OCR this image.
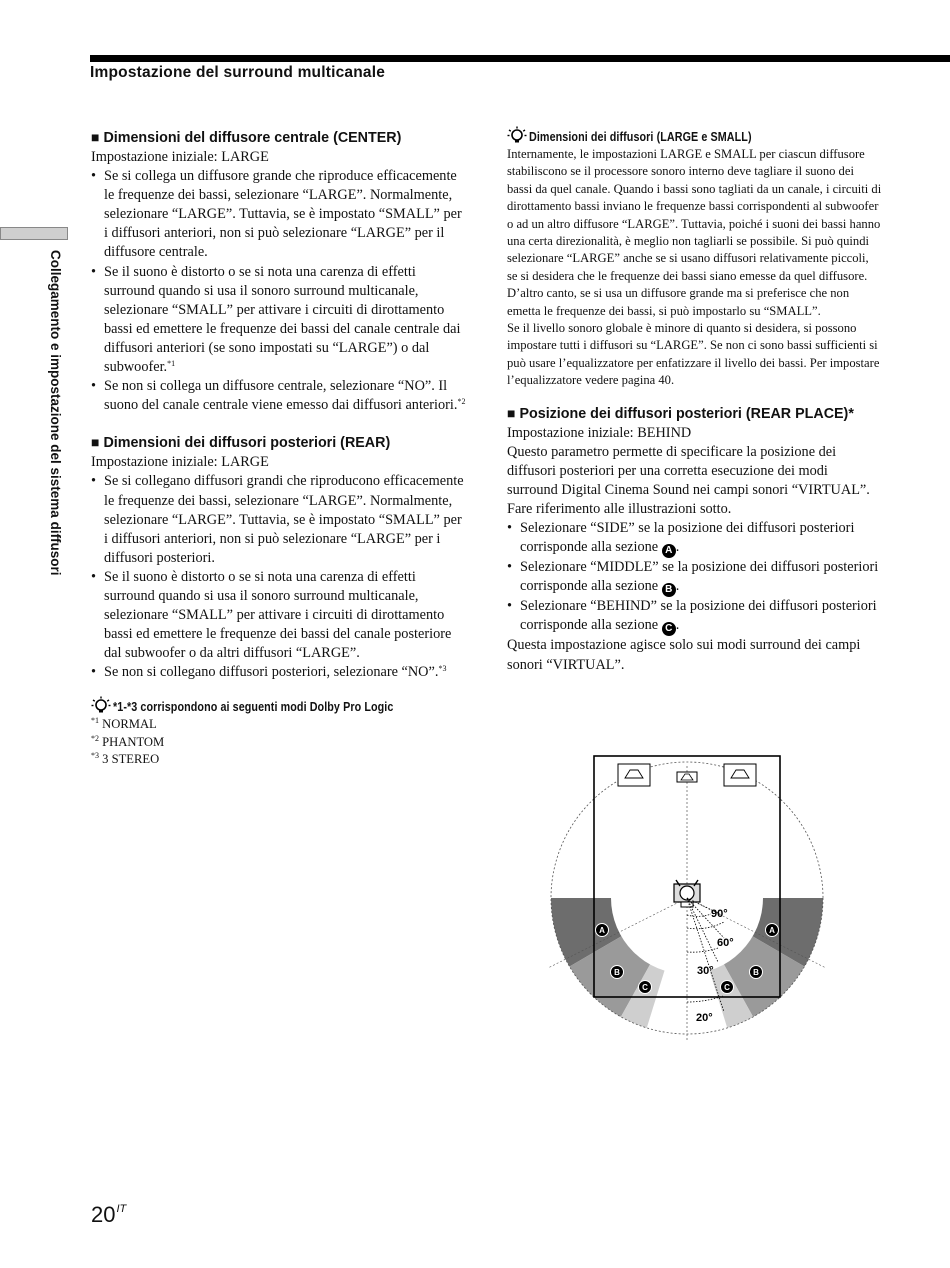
Impostazione del surround multicanale
Collegamento e impostazione del sistema diffusori
■ Dimensioni del diffusore centrale (CENTER)

Impostazione iniziale: LARGE

• Se si collega un diffusore grande che riproduce efficacemente le frequenze dei bassi, selezionare “LARGE”. Normalmente, selezionare “LARGE”. Tuttavia, se è impostato “SMALL” per i diffusori anteriori, non si può selezionare “LARGE” per il diffusore centrale.
• Se il suono è distorto o se si nota una carenza di effetti surround quando si usa il sonoro surround multicanale, selezionare “SMALL” per attivare i circuiti di dirottamento bassi ed emettere le frequenze dei bassi del canale centrale dai diffusori anteriori (se sono impostati su “LARGE”) o dal subwoofer.$^{*1}$
• Se non si collega un diffusore centrale, selezionare “NO”. Il suono del canale centrale viene emesso dai diffusori anteriori.$^{*2}$
■ Dimensioni dei diffusori posteriori (REAR)

Impostazione iniziale: LARGE

• Se si collegano diffusori grandi che riproducono efficacemente le frequenze dei bassi, selezionare “LARGE”. Normalmente, selezionare “LARGE”. Tuttavia, se è impostato “SMALL” per i diffusori anteriori, non si può selezionare “LARGE” per i diffusori posteriori.
• Se il suono è distorto o se si nota una carenza di effetti surround quando si usa il sonoro surround multicanale, selezionare “SMALL” per attivare i circuiti di dirottamento bassi ed emettere le frequenze dei bassi del canale posteriore dal subwoofer o da altri diffusori “LARGE”.
• Se non si collegano diffusori posteriori, selezionare “NO”.$^{*3}$
*1-*3 corrispondono ai seguenti modi Dolby Pro Logic
$^{*1}$ NORMAL
$^{*2}$ PHANTOM
$^{*3}$ 3 STEREO
Dimensioni dei diffusori (LARGE e SMALL)

Internamente, le impostazioni LARGE e SMALL per ciascun diffusore stabiliscono se il processore sonoro interno deve tagliare il suono dei bassi da quel canale. Quando i bassi sono tagliati da un canale, i circuiti di dirottamento bassi inviano le frequenze bassi corrispondenti al subwoofer o ad un altro diffusore “LARGE”. Tuttavia, poiché i suoni dei bassi hanno una certa direzionalità, è meglio non tagliarli se possibile. Si può quindi selezionare “LARGE” anche se si usano diffusori relativamente piccoli, se si desidera che le frequenze dei bassi siano emesse da quel diffusore. D’altro canto, se si usa un diffusore grande ma si preferisce che non emetta le frequenze dei bassi, si può impostarlo su “SMALL”.

Se il livello sonoro globale è minore di quanto si desidera, si possono impostare tutti i diffusori su “LARGE”. Se non ci sono bassi sufficienti si può usare l’equalizzatore per enfatizzare il livello dei bassi. Per impostare l’equalizzatore vedere pagina 40.

■ Posizione dei diffusori posteriori (REAR PLACE)*

Impostazione iniziale: BEHIND

Questo parametro permette di specificare la posizione dei diffusori posteriori per una corretta esecuzione dei modi surround Digital Cinema Sound nei campi sonori “VIRTUAL”. Fare riferimento alle illustrazioni sotto.

• Selezionare “SIDE” se la posizione dei diffusori posteriori corrisponde alla sezione A .
• Selezionare “MIDDLE” se la posizione dei diffusori posteriori corrisponde alla sezione B .
• Selezionare “BEHIND” se la posizione dei diffusori posteriori corrisponde alla sezione C .

Questa impostazione agisce solo sui modi surround dei campi sonori “VIRTUAL”.

90°
60°
30°
20°
A	A
B	B
C	C
$20^{IT}$
